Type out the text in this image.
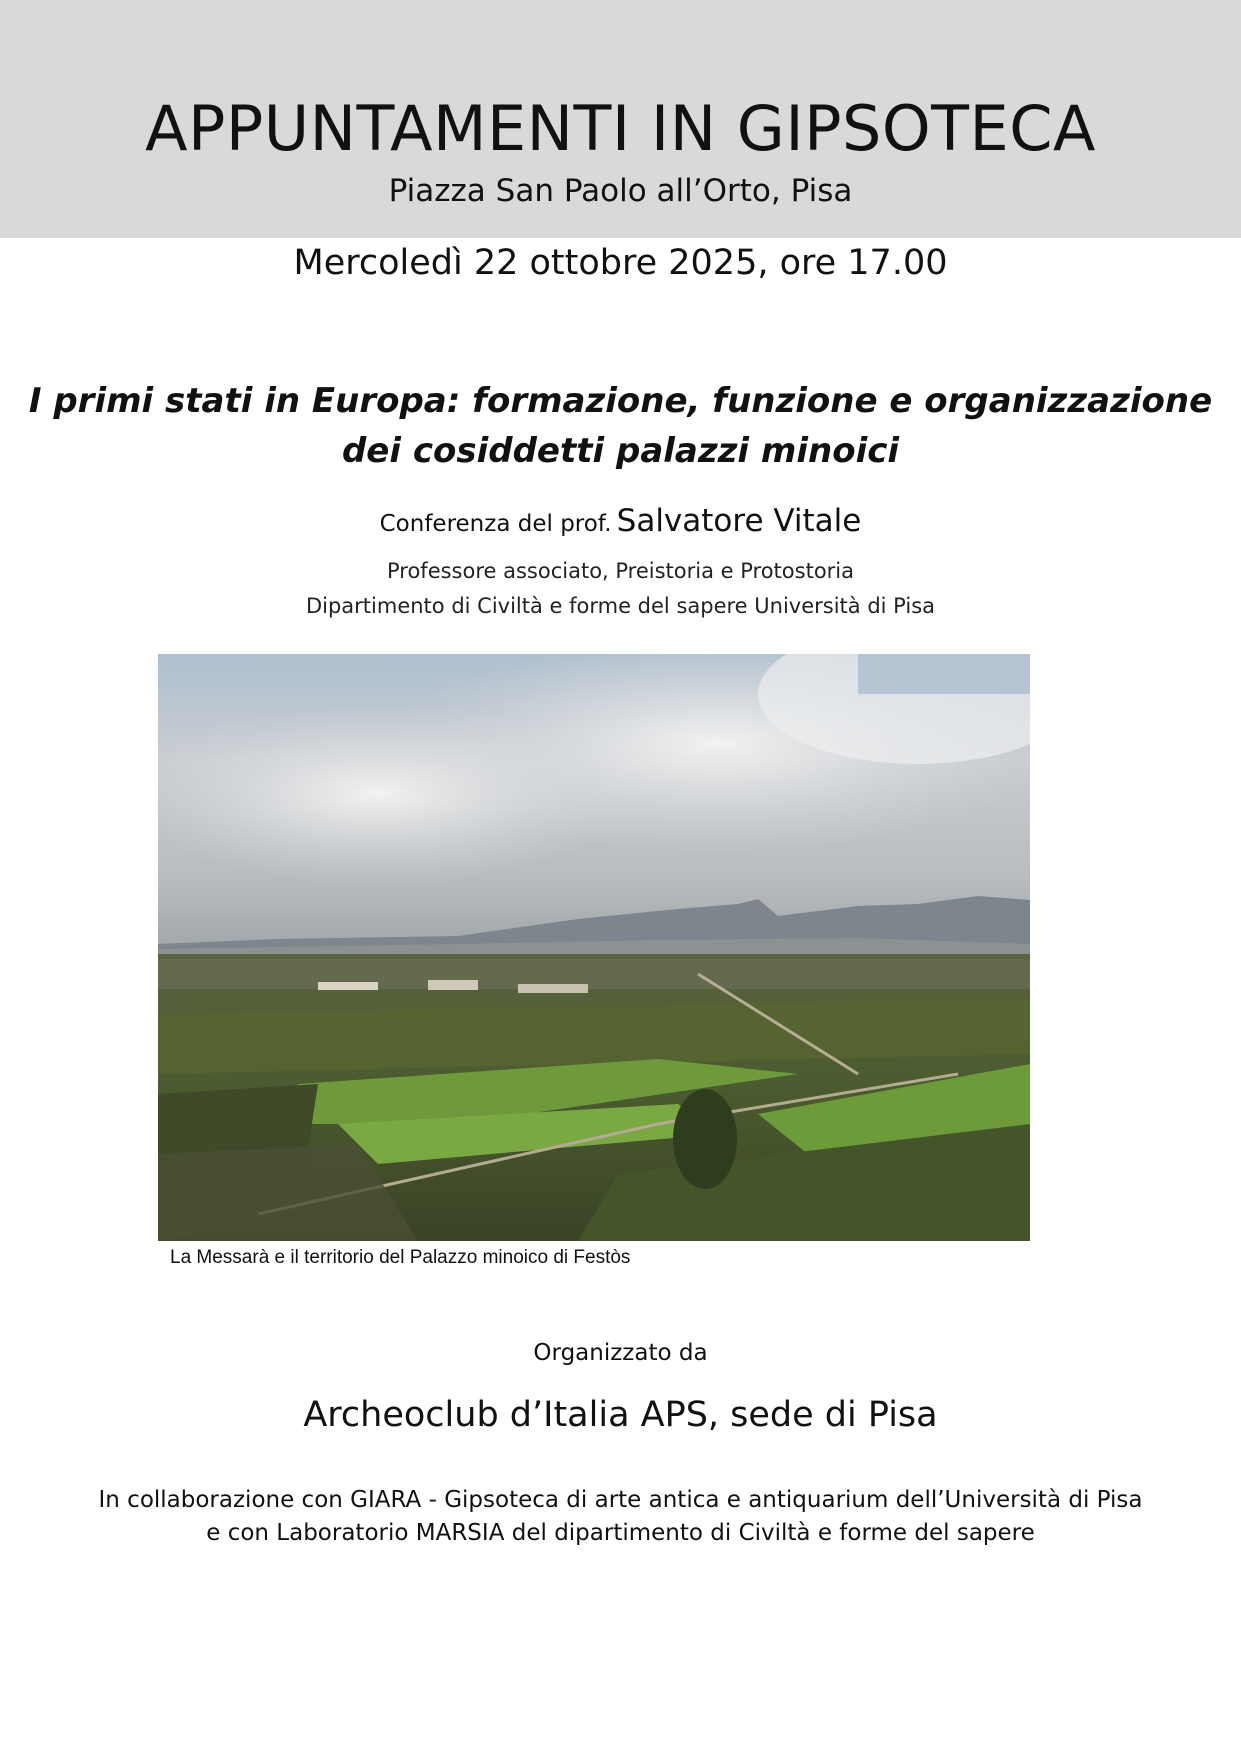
APPUNTAMENTI IN GIPSOTECA
Piazza San Paolo all’Orto, Pisa
Mercoledì 22 ottobre 2025, ore 17.00
I primi stati in Europa: formazione, funzione e organizzazione
dei cosiddetti palazzi minoici
Conferenza del prof. Salvatore Vitale
Professore associato, Preistoria e Protostoria
Dipartimento di Civiltà e forme del sapere Università di Pisa
La Messarà e il territorio del Palazzo minoico di Festòs
Organizzato da
Archeoclub d’Italia APS, sede di Pisa
In collaborazione con GIARA - Gipsoteca di arte antica e antiquarium dell’Università di Pisa
e con Laboratorio MARSIA del dipartimento di Civiltà e forme del sapere
